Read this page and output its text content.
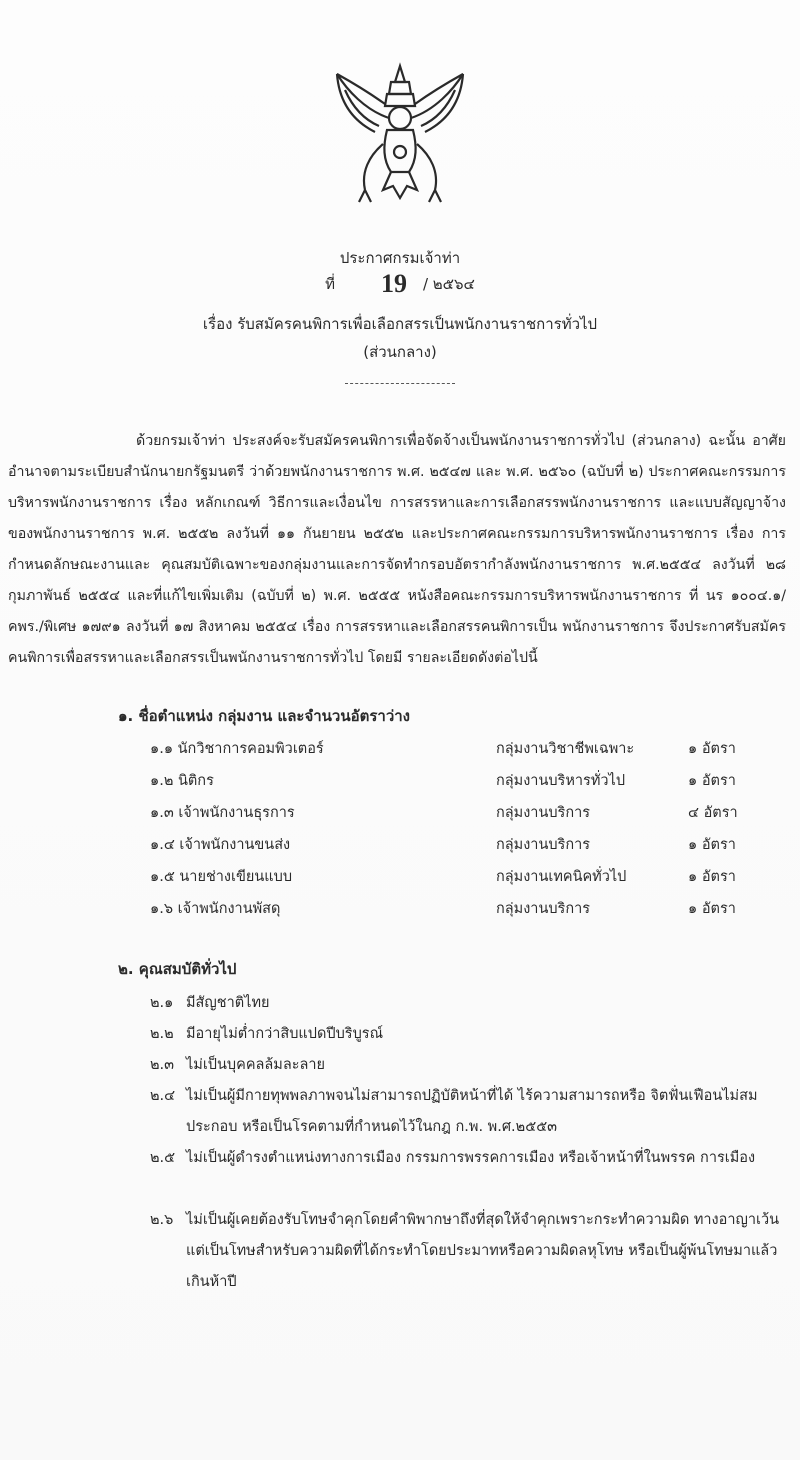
ประกาศกรมเจ้าท่า
ที่ 19 / ๒๕๖๔
เรื่อง รับสมัครคนพิการเพื่อเลือกสรรเป็นพนักงานราชการทั่วไป
(ส่วนกลาง)
ด้วยกรมเจ้าท่า ประสงค์จะรับสมัครคนพิการเพื่อจัดจ้างเป็นพนักงานราชการทั่วไป (ส่วนกลาง) ฉะนั้น อาศัยอำนาจตามระเบียบสำนักนายกรัฐมนตรี ว่าด้วยพนักงานราชการ พ.ศ. ๒๕๔๗ และ พ.ศ. ๒๕๖๐ (ฉบับที่ ๒) ประกาศคณะกรรมการบริหารพนักงานราชการ เรื่อง หลักเกณฑ์ วิธีการและเงื่อนไข การสรรหาและการเลือกสรรพนักงานราชการ และแบบสัญญาจ้างของพนักงานราชการ พ.ศ. ๒๕๕๒ ลงวันที่ ๑๑ กันยายน ๒๕๕๒ และประกาศคณะกรรมการบริหารพนักงานราชการ เรื่อง การกำหนดลักษณะงานและ คุณสมบัติเฉพาะของกลุ่มงานและการจัดทำกรอบอัตรากำลังพนักงานราชการ พ.ศ.๒๕๕๔ ลงวันที่ ๒๘ กุมภาพันธ์ ๒๕๕๔ และที่แก้ไขเพิ่มเติม (ฉบับที่ ๒) พ.ศ. ๒๕๕๕ หนังสือคณะกรรมการบริหารพนักงานราชการ ที่ นร ๑๐๐๔.๑/คพร./พิเศษ ๑๗๙๑ ลงวันที่ ๑๗ สิงหาคม ๒๕๕๔ เรื่อง การสรรหาและเลือกสรรคนพิการเป็น พนักงานราชการ จึงประกาศรับสมัครคนพิการเพื่อสรรหาและเลือกสรรเป็นพนักงานราชการทั่วไป โดยมี รายละเอียดดังต่อไปนี้
๑. ชื่อตำแหน่ง กลุ่มงาน และจำนวนอัตราว่าง
๑.๑ นักวิชาการคอมพิวเตอร์	กลุ่มงานวิชาชีพเฉพาะ	๑ อัตรา
๑.๒ นิติกร	กลุ่มงานบริหารทั่วไป	๑ อัตรา
๑.๓ เจ้าพนักงานธุรการ	กลุ่มงานบริการ	๔ อัตรา
๑.๔ เจ้าพนักงานขนส่ง	กลุ่มงานบริการ	๑ อัตรา
๑.๕ นายช่างเขียนแบบ	กลุ่มงานเทคนิคทั่วไป	๑ อัตรา
๑.๖ เจ้าพนักงานพัสดุ	กลุ่มงานบริการ	๑ อัตรา
๒. คุณสมบัติทั่วไป
๒.๑ มีสัญชาติไทย
๒.๒ มีอายุไม่ต่ำกว่าสิบแปดปีบริบูรณ์
๒.๓ ไม่เป็นบุคคลล้มละลาย
๒.๔ ไม่เป็นผู้มีกายทุพพลภาพจนไม่สามารถปฏิบัติหน้าที่ได้ ไร้ความสามารถหรือ จิตฟั่นเฟือนไม่สมประกอบ หรือเป็นโรคตามที่กำหนดไว้ในกฎ ก.พ. พ.ศ.๒๕๕๓
๒.๕ ไม่เป็นผู้ดำรงตำแหน่งทางการเมือง กรรมการพรรคการเมือง หรือเจ้าหน้าที่ในพรรค การเมือง
๒.๖ ไม่เป็นผู้เคยต้องรับโทษจำคุกโดยคำพิพากษาถึงที่สุดให้จำคุกเพราะกระทำความผิด ทางอาญาเว้นแต่เป็นโทษสำหรับความผิดที่ได้กระทำโดยประมาทหรือความผิดลหุโทษ หรือเป็นผู้พ้นโทษมาแล้วเกินห้าปี
